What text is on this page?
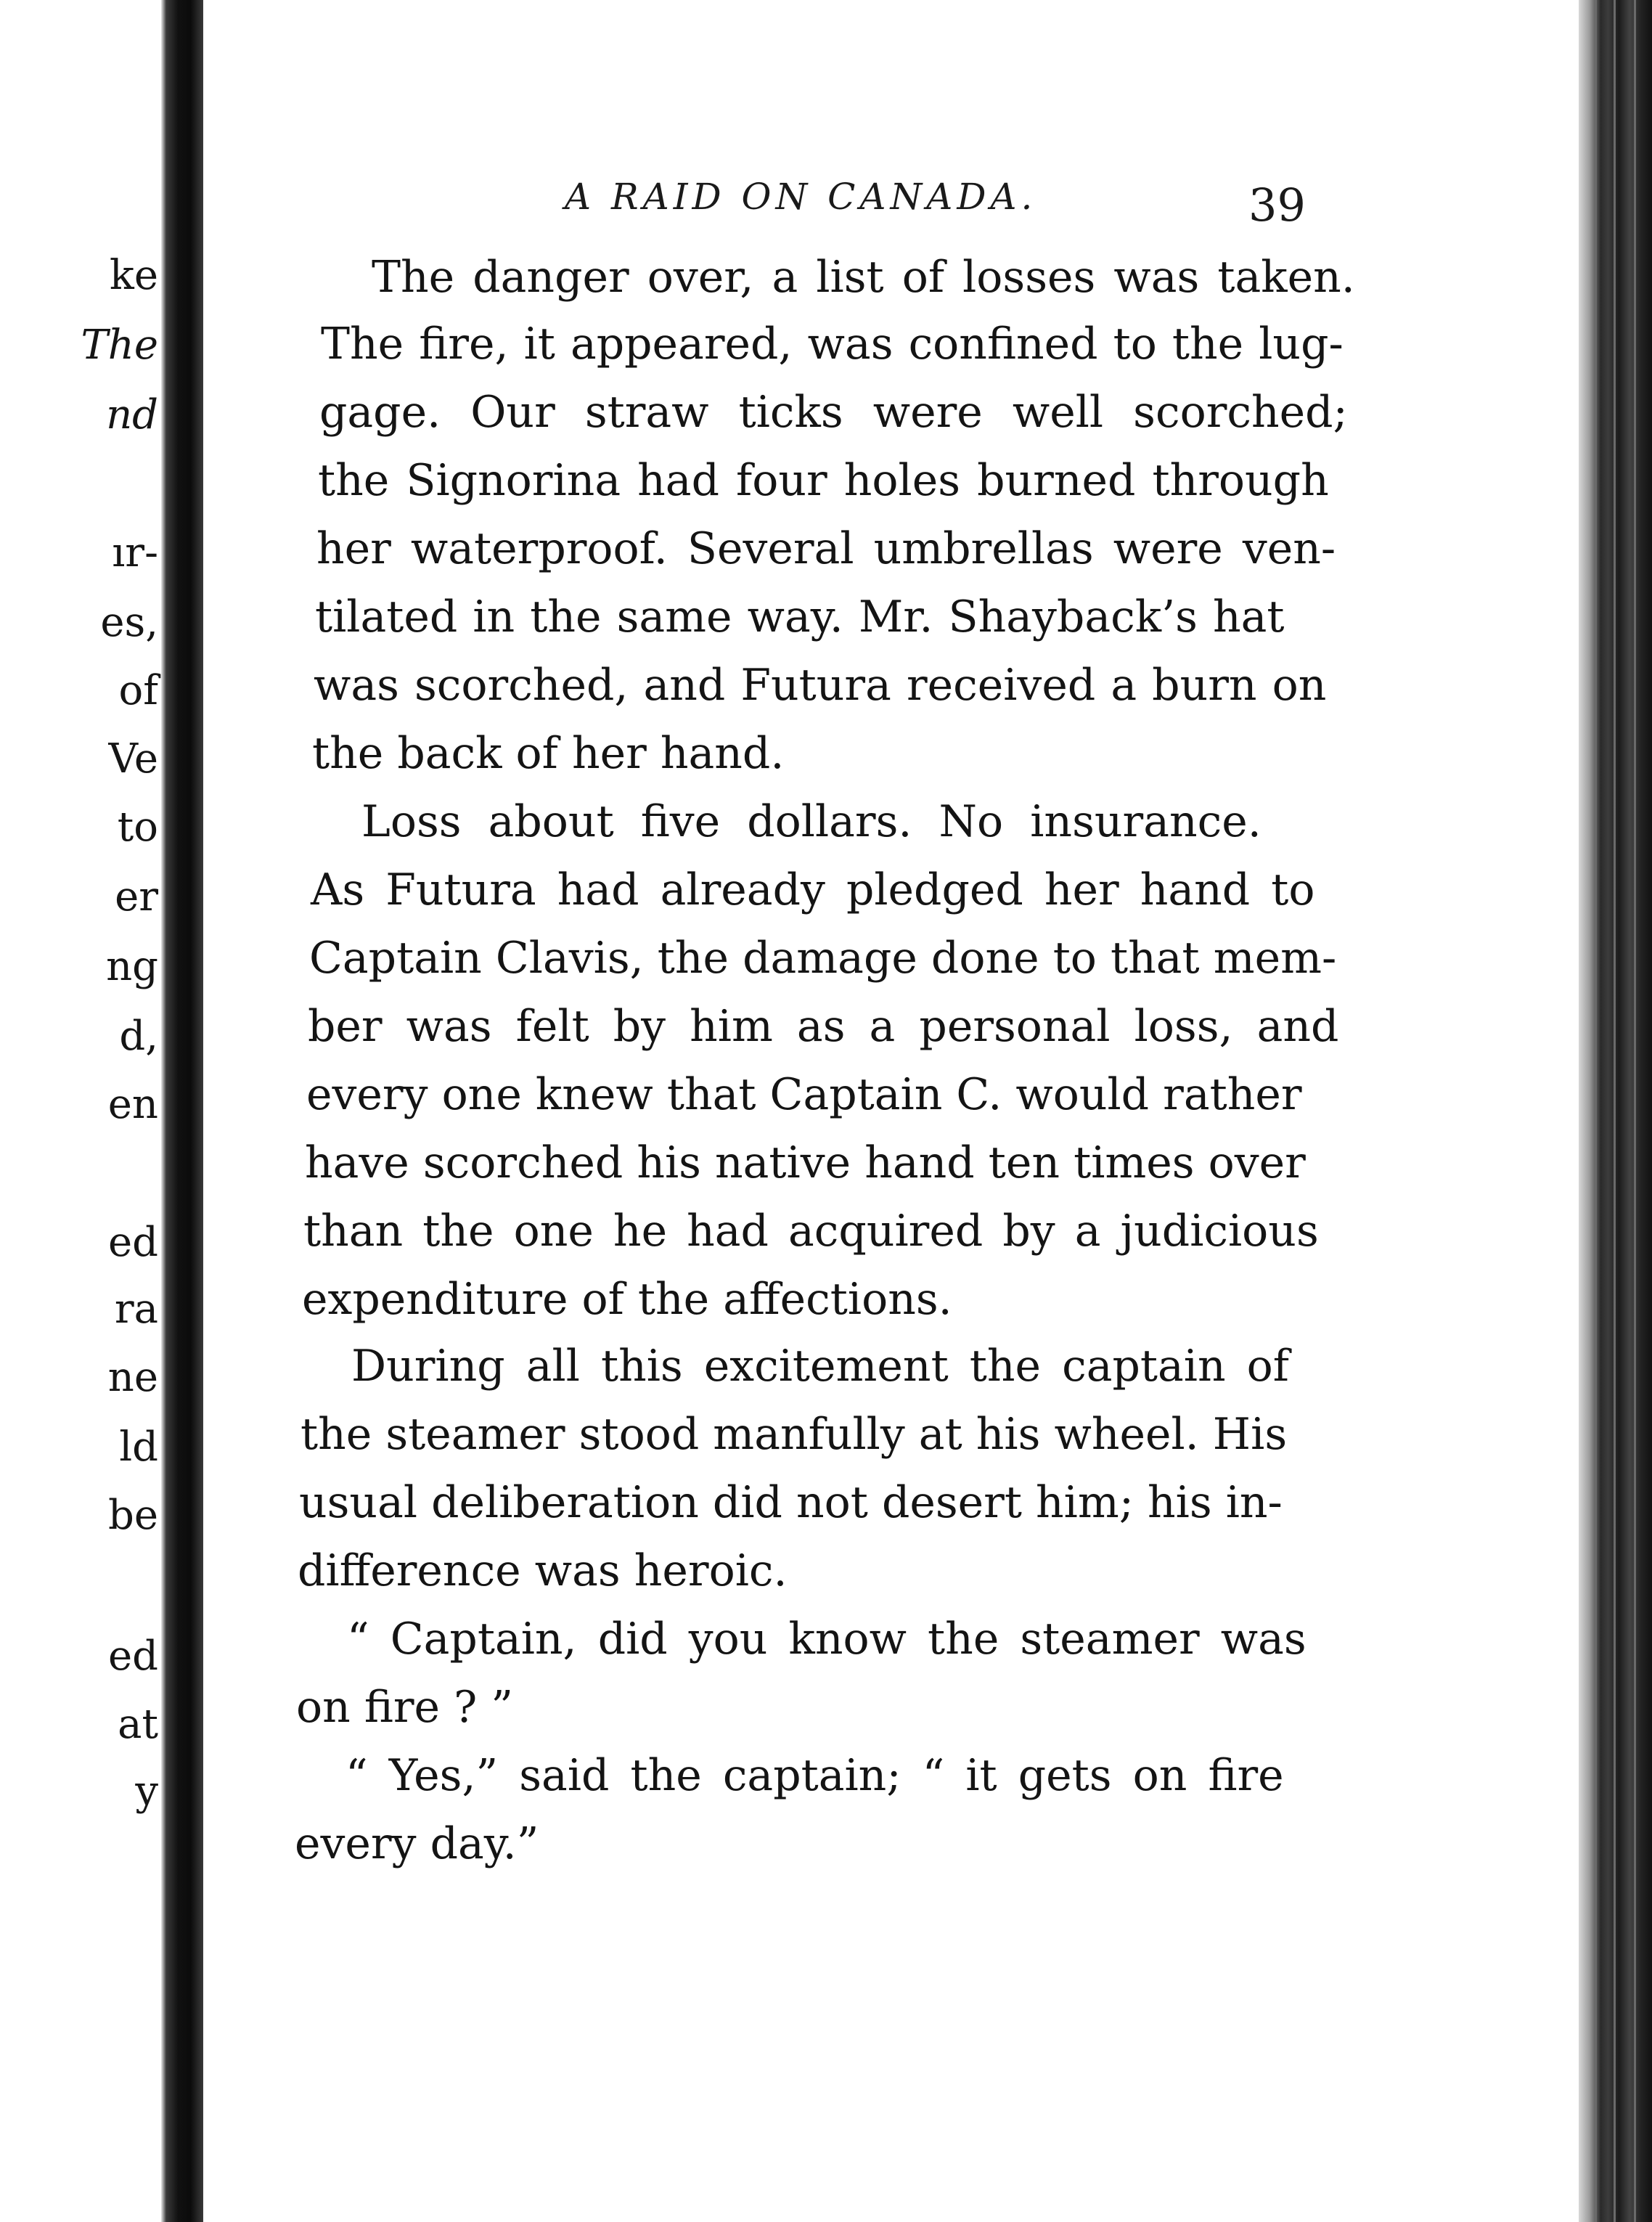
ke
The
nd
ır-
es,
of
Ve
to
er
ng
d,
en
ed
ra
ne
ld
be
ed
at
y
A RAID ON CANADA.	39
The danger over, a list of losses was taken.
The fire, it appeared, was confined to the lug-
gage. Our straw ticks were well scorched;
the Signorina had four holes burned through
her waterproof. Several umbrellas were ven-
tilated in the same way. Mr. Shayback’s hat
was scorched, and Futura received a burn on
the back of her hand.
Loss about five dollars. No insurance.
As Futura had already pledged her hand to
Captain Clavis, the damage done to that mem-
ber was felt by him as a personal loss, and
every one knew that Captain C. would rather
have scorched his native hand ten times over
than the one he had acquired by a judicious
expenditure of the affections.
During all this excitement the captain of
the steamer stood manfully at his wheel. His
usual deliberation did not desert him; his in-
difference was heroic.
“ Captain, did you know the steamer was
on fire ? ”
“ Yes,” said the captain; “ it gets on fire
every day.”
